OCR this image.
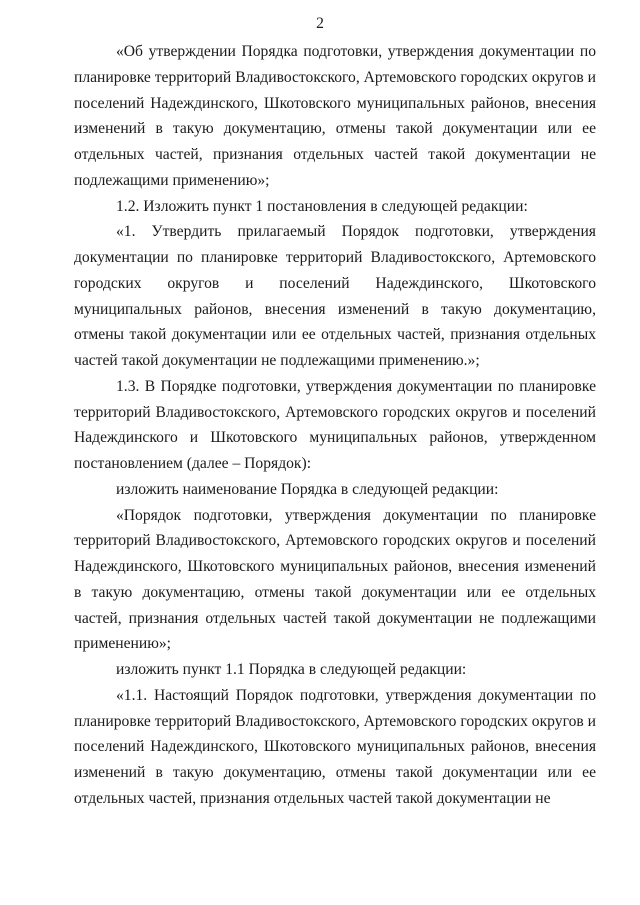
2

«Об утверждении Порядка подготовки, утверждения документации по планировке территорий Владивостокского, Артемовского городских округов и поселений Надеждинского, Шкотовского муниципальных районов, внесения изменений в такую документацию, отмены такой документации или ее отдельных частей, признания отдельных частей такой документации не подлежащими применению»;

1.2. Изложить пункт 1 постановления в следующей редакции:

«1. Утвердить прилагаемый Порядок подготовки, утверждения документации по планировке территорий Владивостокского, Артемовского городских округов и поселений Надеждинского, Шкотовского муниципальных районов, внесения изменений в такую документацию, отмены такой документации или ее отдельных частей, признания отдельных частей такой документации не подлежащими применению.»;

1.3. В Порядке подготовки, утверждения документации по планировке территорий Владивостокского, Артемовского городских округов и поселений Надеждинского и Шкотовского муниципальных районов, утвержденном постановлением (далее – Порядок):

изложить наименование Порядка в следующей редакции:

«Порядок подготовки, утверждения документации по планировке территорий Владивостокского, Артемовского городских округов и поселений Надеждинского, Шкотовского муниципальных районов, внесения изменений в такую документацию, отмены такой документации или ее отдельных частей, признания отдельных частей такой документации не подлежащими применению»;

изложить пункт 1.1 Порядка в следующей редакции:

«1.1. Настоящий Порядок подготовки, утверждения документации по планировке территорий Владивостокского, Артемовского городских округов и поселений Надеждинского, Шкотовского муниципальных районов, внесения изменений в такую документацию, отмены такой документации или ее отдельных частей, признания отдельных частей такой документации не
